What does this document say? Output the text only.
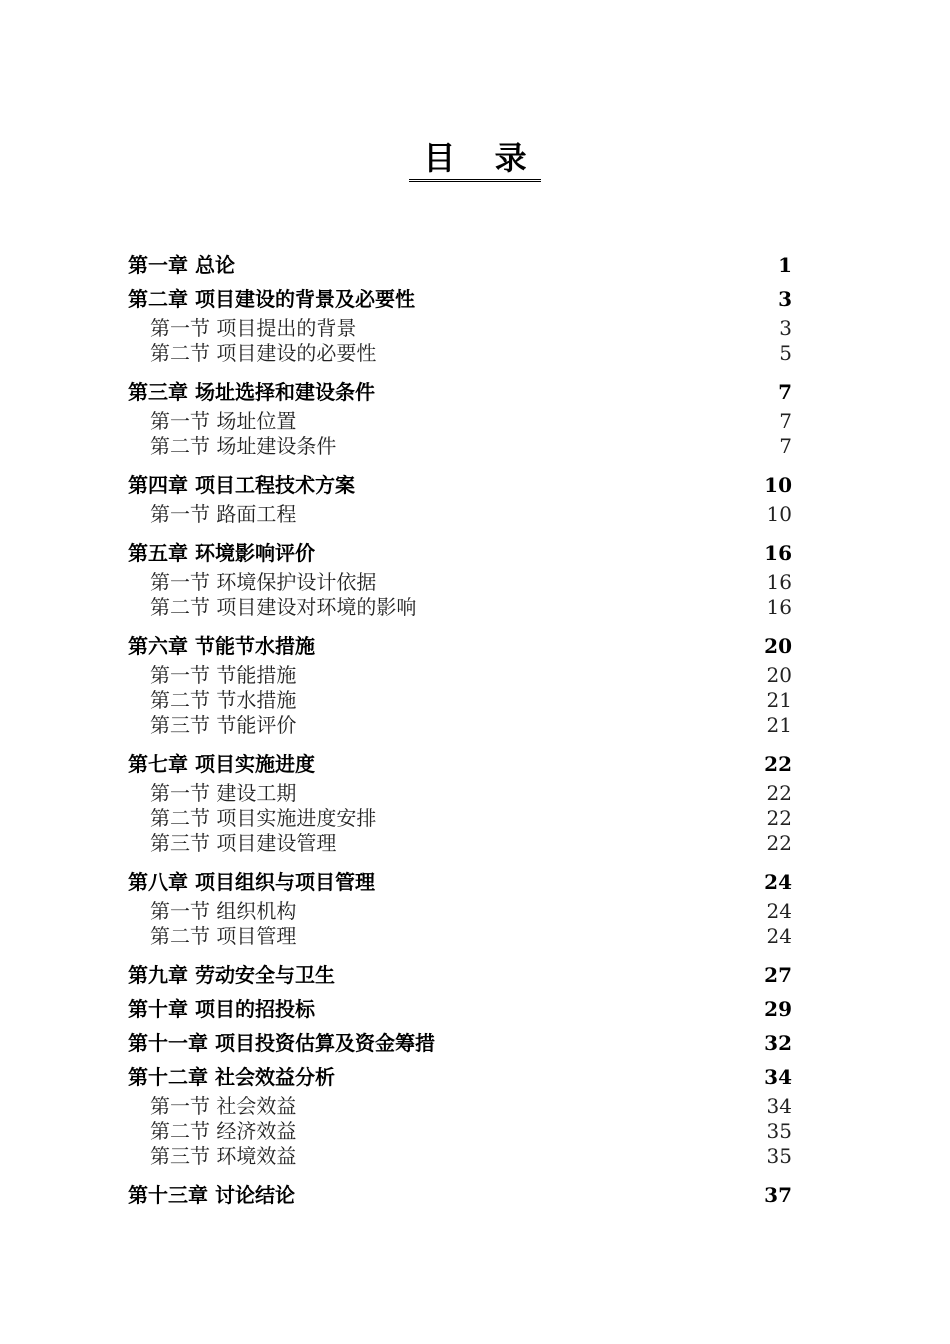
目 录
第一章 总论	1
第二章 项目建设的背景及必要性	3
第一节 项目提出的背景	3
第二节 项目建设的必要性	5
第三章 场址选择和建设条件	7
第一节 场址位置	7
第二节 场址建设条件	7
第四章 项目工程技术方案	10
第一节 路面工程	10
第五章 环境影响评价	16
第一节 环境保护设计依据	16
第二节 项目建设对环境的影响	16
第六章 节能节水措施	20
第一节 节能措施	20
第二节 节水措施	21
第三节 节能评价	21
第七章 项目实施进度	22
第一节 建设工期	22
第二节 项目实施进度安排	22
第三节 项目建设管理	22
第八章 项目组织与项目管理	24
第一节 组织机构	24
第二节 项目管理	24
第九章 劳动安全与卫生	27
第十章 项目的招投标	29
第十一章 项目投资估算及资金筹措	32
第十二章 社会效益分析	34
第一节 社会效益	34
第二节 经济效益	35
第三节 环境效益	35
第十三章 讨论结论	37
